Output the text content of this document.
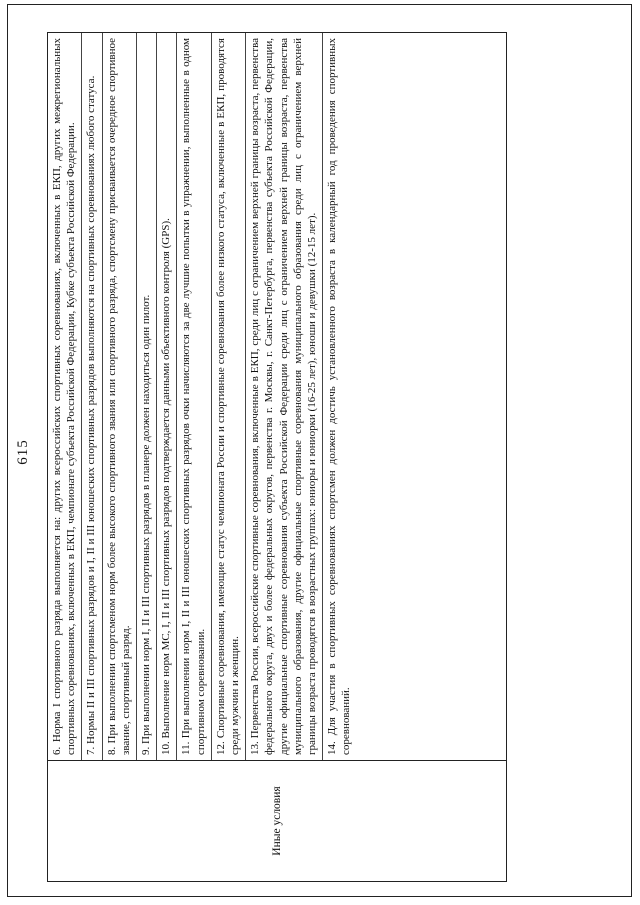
615
Иные условия

6. Норма I спортивного разряда выполняется на: других всероссийских спортивных соревнованиях, включенных в ЕКП, других межрегиональных спортивных соревнованиях, включенных в ЕКП, чемпионате субъекта Российской Федерации, Кубке субъекта Российской Федерации. 7. Нормы II и III спортивных разрядов и I, II и III юношеских спортивных разрядов выполняются на спортивных соревнованиях любого статуса. 8. При выполнении спортсменом норм более высокого спортивного звания или спортивного разряда, спортсмену присваивается очередное спортивное звание, спортивный разряд. 9. При выполнении норм I, II и III спортивных разрядов в планере должен находиться один пилот. 10. Выполнение норм МС, I, II и III спортивных разрядов подтверждается данными объективного контроля (GPS). 11. При выполнении норм I, II и III юношеских спортивных разрядов очки начисляются за две лучшие попытки в упражнении, выполненные в одном спортивном соревновании. 12. Спортивные соревнования, имеющие статус чемпионата России и спортивные соревнования более низкого статуса, включенные в ЕКП, проводятся среди мужчин и женщин. 13. Первенства России, всероссийские спортивные соревнования, включенные в ЕКП, среди лиц с ограничением верхней границы возраста, первенства федерального округа, двух и более федеральных округов, первенства г. Москвы, г. Санкт-Петербурга, первенства субъекта Российской Федерации, другие официальные спортивные соревнования субъекта Российской Федерации среди лиц с ограничением верхней границы возраста, первенства муниципального образования, другие официальные спортивные соревнования муниципального образования среди лиц с ограничением верхней границы возраста проводятся в возрастных группах: юниоры и юниорки (16-25 лет), юноши и девушки (12-15 лет). 14. Для участия в спортивных соревнованиях спортсмен должен достичь установленного возраста в календарный год проведения спортивных соревнований.
